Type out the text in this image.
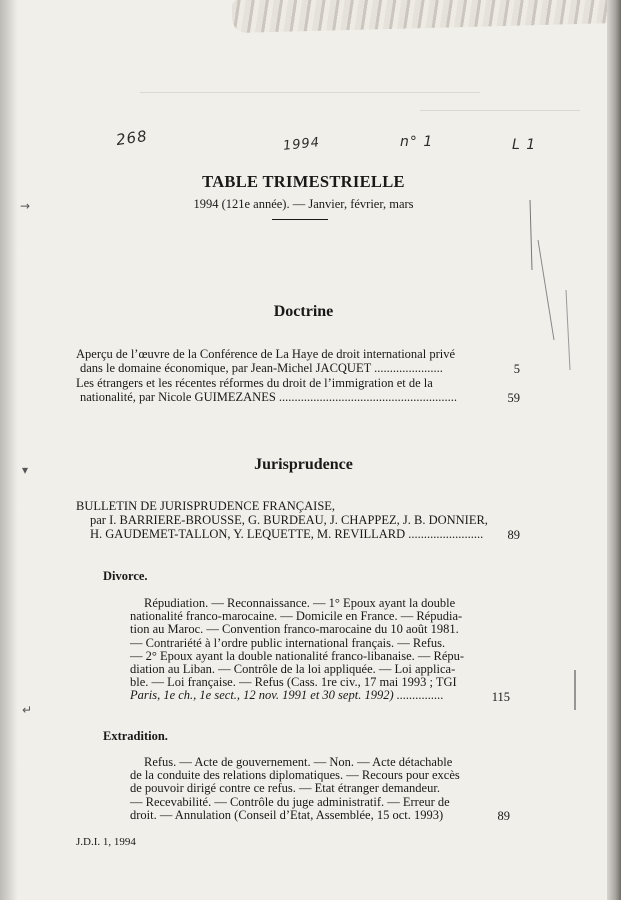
268	1994	n° 1	L 1
→
▾
↵
TABLE TRIMESTRIELLE
1994 (121e année). — Janvier, février, mars
Doctrine
Aperçu de l’œuvre de la Conférence de La Haye de droit international privé
dans le domaine économique, par Jean-Michel JACQUET ......................	5
Les étrangers et les récentes réformes du droit de l’immigration et de la
nationalité, par Nicole GUIMEZANES .........................................................	59
Jurisprudence
BULLETIN DE JURISPRUDENCE FRANÇAISE,
par I. BARRIERE-BROUSSE, G. BURDEAU, J. CHAPPEZ, J. B. DONNIER,
H. GAUDEMET-TALLON, Y. LEQUETTE, M. REVILLARD ........................	89
Divorce.
Répudiation. — Reconnaissance. — 1° Epoux ayant la double
nationalité franco-marocaine. — Domicile en France. — Répudia-
tion au Maroc. — Convention franco-marocaine du 10 août 1981.
— Contrariété à l’ordre public international français. — Refus.
— 2° Epoux ayant la double nationalité franco-libanaise. — Répu-
diation au Liban. — Contrôle de la loi appliquée. — Loi applica-
ble. — Loi française. — Refus (Cass. 1re civ., 17 mai 1993 ; TGI
Paris, 1e ch., 1e sect., 12 nov. 1991 et 30 sept. 1992) ...............	115
Extradition.
Refus. — Acte de gouvernement. — Non. — Acte détachable
de la conduite des relations diplomatiques. — Recours pour excès
de pouvoir dirigé contre ce refus. — Etat étranger demandeur.
— Recevabilité. — Contrôle du juge administratif. — Erreur de
droit. — Annulation (Conseil d’Etat, Assemblée, 15 oct. 1993)	89
J.D.I. 1, 1994
